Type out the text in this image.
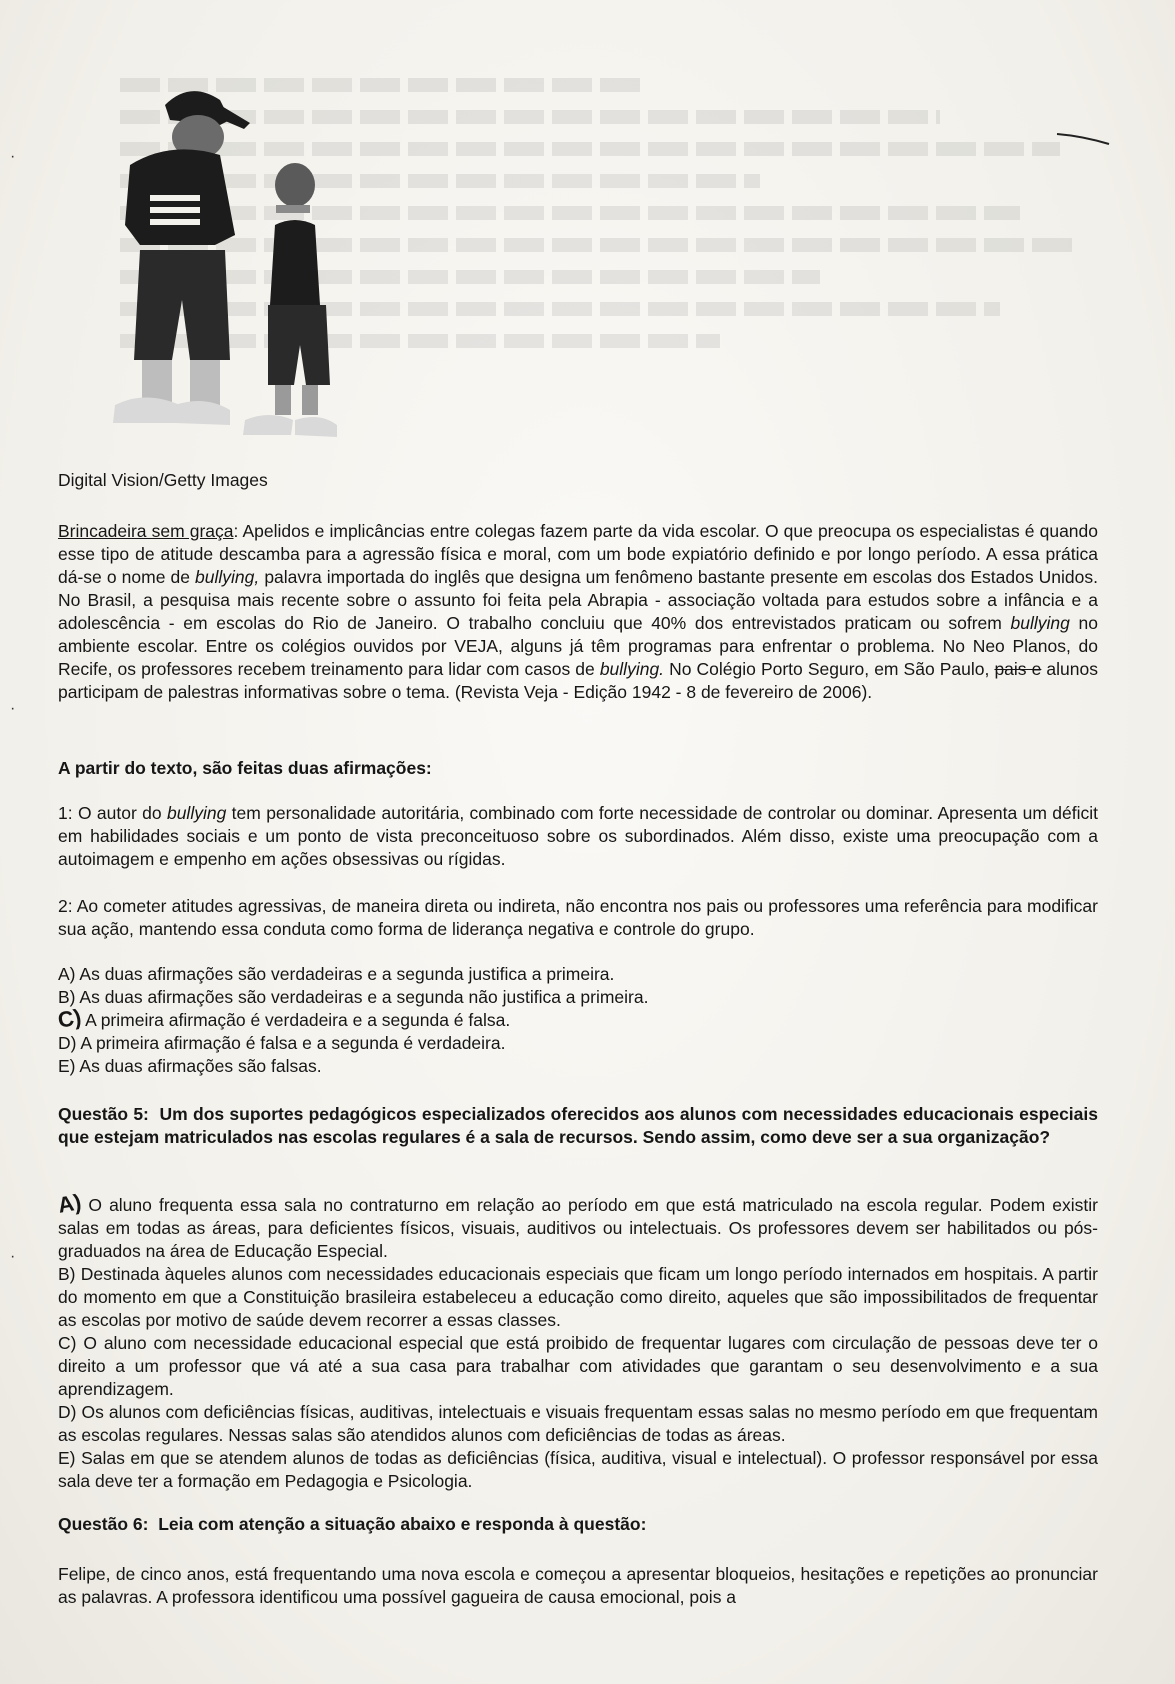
Digital Vision/Getty Images

Brincadeira sem graça: Apelidos e implicâncias entre colegas fazem parte da vida escolar. O que preocupa os especialistas é quando esse tipo de atitude descamba para a agressão física e moral, com um bode expiatório definido e por longo período. A essa prática dá-se o nome de bullying, palavra importada do inglês que designa um fenômeno bastante presente em escolas dos Estados Unidos. No Brasil, a pesquisa mais recente sobre o assunto foi feita pela Abrapia - associação voltada para estudos sobre a infância e a adolescência - em escolas do Rio de Janeiro. O trabalho concluiu que 40% dos entrevistados praticam ou sofrem bullying no ambiente escolar. Entre os colégios ouvidos por VEJA, alguns já têm programas para enfrentar o problema. No Neo Planos, do Recife, os professores recebem treinamento para lidar com casos de bullying. No Colégio Porto Seguro, em São Paulo, pais e alunos participam de palestras informativas sobre o tema. (Revista Veja - Edição 1942 - 8 de fevereiro de 2006).

A partir do texto, são feitas duas afirmações:

1: O autor do bullying tem personalidade autoritária, combinado com forte necessidade de controlar ou dominar. Apresenta um déficit em habilidades sociais e um ponto de vista preconceituoso sobre os subordinados. Além disso, existe uma preocupação com a autoimagem e empenho em ações obsessivas ou rígidas.

2: Ao cometer atitudes agressivas, de maneira direta ou indireta, não encontra nos pais ou professores uma referência para modificar sua ação, mantendo essa conduta como forma de liderança negativa e controle do grupo.
A) As duas afirmações são verdadeiras e a segunda justifica a primeira.
B) As duas afirmações são verdadeiras e a segunda não justifica a primeira.
C) A primeira afirmação é verdadeira e a segunda é falsa.
D) A primeira afirmação é falsa e a segunda é verdadeira.
E) As duas afirmações são falsas.

Questão 5: Um dos suportes pedagógicos especializados oferecidos aos alunos com necessidades educacionais especiais que estejam matriculados nas escolas regulares é a sala de recursos. Sendo assim, como deve ser a sua organização?

A) O aluno frequenta essa sala no contraturno em relação ao período em que está matriculado na escola regular. Podem existir salas em todas as áreas, para deficientes físicos, visuais, auditivos ou intelectuais. Os professores devem ser habilitados ou pós-graduados na área de Educação Especial.
B) Destinada àqueles alunos com necessidades educacionais especiais que ficam um longo período internados em hospitais. A partir do momento em que a Constituição brasileira estabeleceu a educação como direito, aqueles que são impossibilitados de frequentar as escolas por motivo de saúde devem recorrer a essas classes.
C) O aluno com necessidade educacional especial que está proibido de frequentar lugares com circulação de pessoas deve ter o direito a um professor que vá até a sua casa para trabalhar com atividades que garantam o seu desenvolvimento e a sua aprendizagem.
D) Os alunos com deficiências físicas, auditivas, intelectuais e visuais frequentam essas salas no mesmo período em que frequentam as escolas regulares. Nessas salas são atendidos alunos com deficiências de todas as áreas.
E) Salas em que se atendem alunos de todas as deficiências (física, auditiva, visual e intelectual). O professor responsável por essa sala deve ter a formação em Pedagogia e Psicologia.

Questão 6: Leia com atenção a situação abaixo e responda à questão:

Felipe, de cinco anos, está frequentando uma nova escola e começou a apresentar bloqueios, hesitações e repetições ao pronunciar as palavras. A professora identificou uma possível gagueira de causa emocional, pois a
·
·
·
